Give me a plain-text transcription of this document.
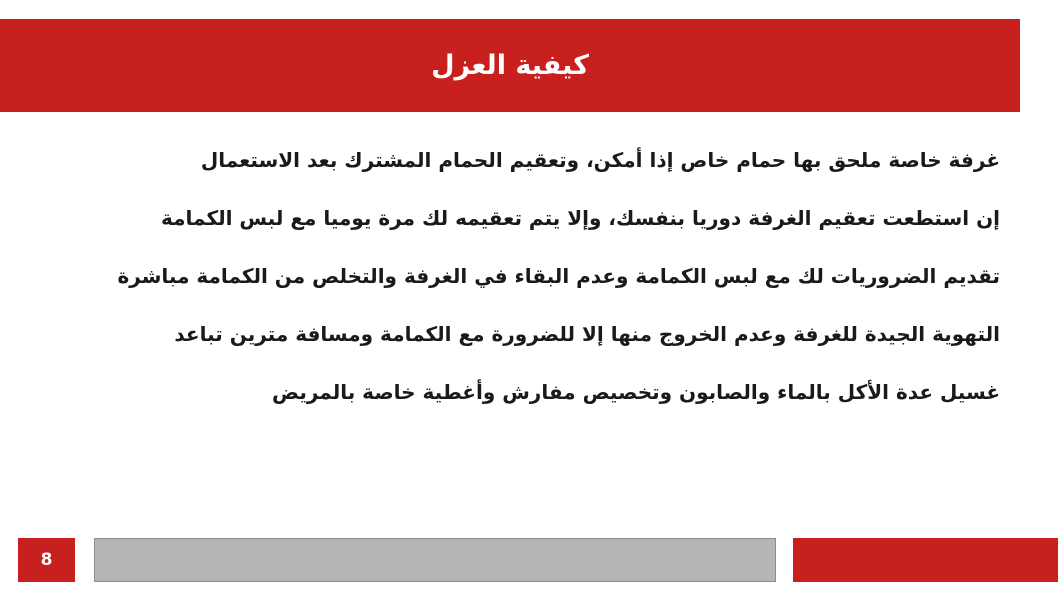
كيفية العزل
غرفة خاصة ملحق بها حمام خاص إذا أمكن، وتعقيم الحمام المشترك بعد الاستعمال
إن استطعت تعقيم الغرفة دوريا بنفسك، وإلا يتم تعقيمه لك مرة يوميا مع لبس الكمامة
تقديم الضروريات لك مع لبس الكمامة وعدم البقاء في الغرفة والتخلص من الكمامة مباشرة
التهوية الجيدة للغرفة وعدم الخروج منها إلا للضرورة مع الكمامة ومسافة مترين تباعد
غسيل عدة الأكل بالماء والصابون وتخصيص مفارش وأغطية خاصة بالمريض
8
